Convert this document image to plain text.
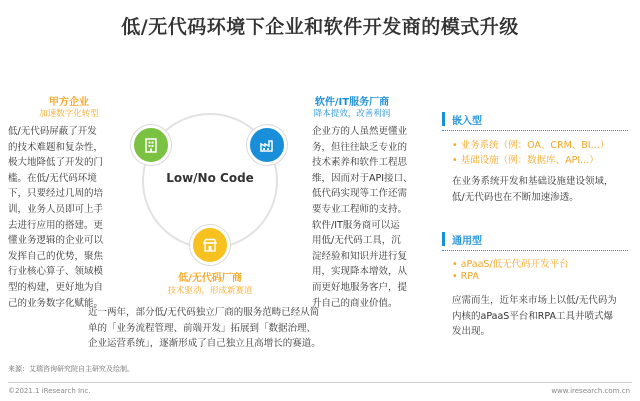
低/无代码环境下企业和软件开发商的模式升级
甲方企业
加速数字化转型
低/无代码屏蔽了开发
的技术难题和复杂性，
极大地降低了开发的门
槛。在低/无代码环境
下，只要经过几周的培
训，业务人员即可上手
去进行应用的搭建。更
懂业务逻辑的企业可以
发挥自己的优势，聚焦
行业核心算子、领域模
型的构建，更好地为自
己的业务数字化赋能。
Low/No Code
低/无代码厂商
技术驱动，形成新赛道
近一两年，部分低/无代码独立厂商的服务范畴已经从简
单的「业务流程管理、前端开发」拓展到「数据治理、
企业运营系统」，逐渐形成了自己独立且高增长的赛道。
软件/IT服务厂商
降本提效，改善利润
企业方的人虽然更懂业
务，但往往缺乏专业的
技术素养和软件工程思
维，因而对于API接口、
低代码实现等工作还需
要专业工程师的支持。
软件/IT服务商可以运
用低/无代码工具，沉
淀经验和知识并进行复
用，实现降本增效，从
而更好地服务客户，提
升自己的商业价值。
嵌入型
• 业务系统（例：OA、CRM、BI...）
• 基础设施（例：数据库、API...）
在业务系统开发和基础设施建设领域，
低/无代码也在不断加速渗透。
通用型
• aPaaS/低无代码开发平台
• RPA
应需而生，近年来市场上以低/无代码为
内核的aPaaS平台和RPA工具井喷式爆
发出现。
来源：艾瑞咨询研究院自主研究及绘制。
©2021.1 iResearch Inc.	www.iresearch.com.cn
